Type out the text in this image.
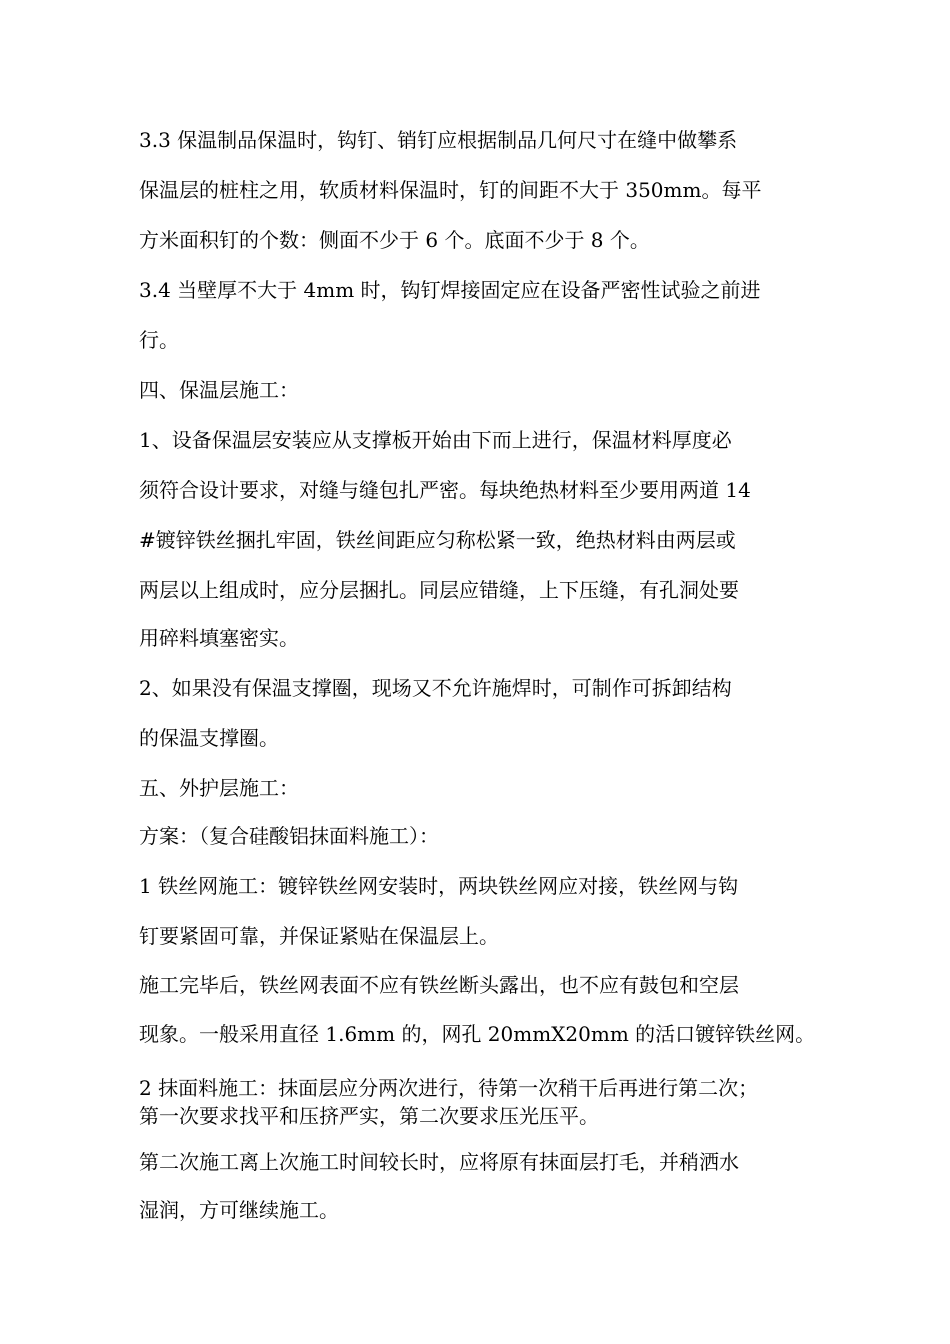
3.3 保温制品保温时，钩钉、销钉应根据制品几何尺寸在缝中做攀系
保温层的桩柱之用，软质材料保温时，钉的间距不大于 350mm。每平
方米面积钉的个数：侧面不少于 6 个。底面不少于 8 个。
3.4 当壁厚不大于 4mm 时，钩钉焊接固定应在设备严密性试验之前进
行。
四、保温层施工：
1、设备保温层安装应从支撑板开始由下而上进行，保温材料厚度必
须符合设计要求，对缝与缝包扎严密。每块绝热材料至少要用两道 14
#镀锌铁丝捆扎牢固，铁丝间距应匀称松紧一致，绝热材料由两层或
两层以上组成时，应分层捆扎。同层应错缝，上下压缝，有孔洞处要
用碎料填塞密实。
2、如果没有保温支撑圈，现场又不允许施焊时，可制作可拆卸结构
的保温支撑圈。
五、外护层施工：
方案：（复合硅酸铝抹面料施工）：
1 铁丝网施工：镀锌铁丝网安装时，两块铁丝网应对接，铁丝网与钩
钉要紧固可靠，并保证紧贴在保温层上。
施工完毕后，铁丝网表面不应有铁丝断头露出，也不应有鼓包和空层
现象。一般采用直径 1.6mm 的，网孔 20mmX20mm 的活口镀锌铁丝网。
2 抹面料施工：抹面层应分两次进行，待第一次稍干后再进行第二次；
第一次要求找平和压挤严实，第二次要求压光压平。
第二次施工离上次施工时间较长时，应将原有抹面层打毛，并稍洒水
湿润，方可继续施工。
